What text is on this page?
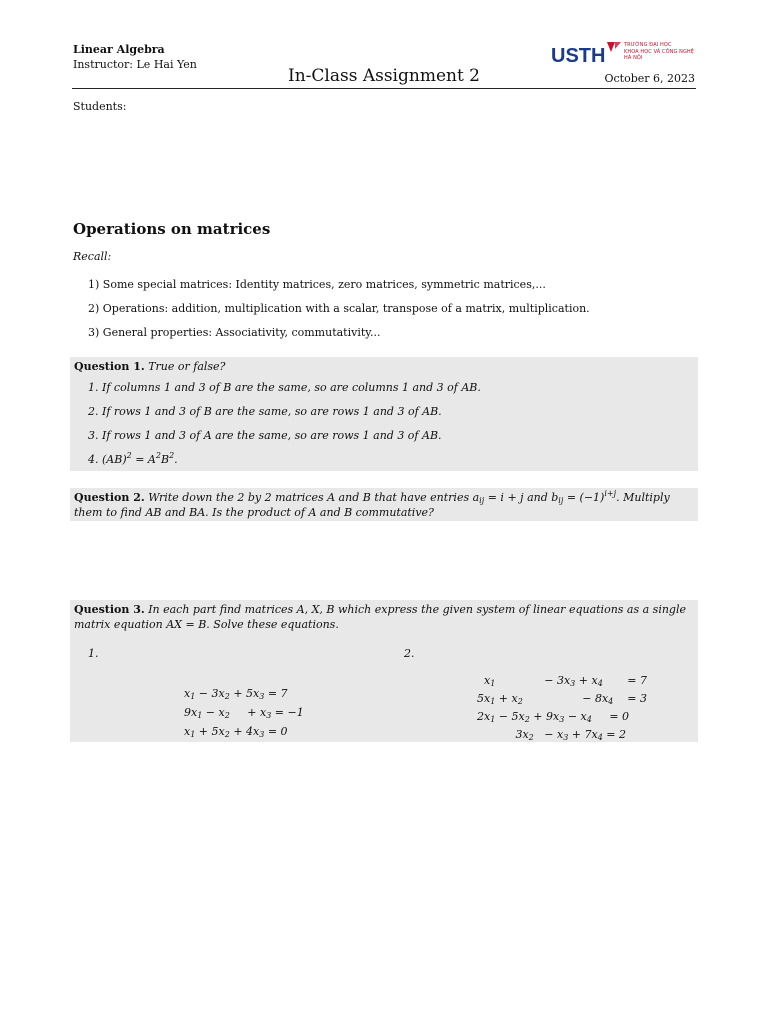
Linear Algebra
Instructor: Le Hai Yen
In-Class Assignment 2	October 6, 2023
USTH	TRƯỜNG ĐẠI HỌC
KHOA HỌC VÀ CÔNG NGHỆ
HÀ NỘI
Students:
Operations on matrices
Recall:
1) Some special matrices: Identity matrices, zero matrices, symmetric matrices,...
2) Operations: addition, multiplication with a scalar, transpose of a matrix, multiplication.
3) General properties: Associativity, commutativity...
Question 1. True or false?
1. If columns 1 and 3 of B are the same, so are columns 1 and 3 of AB.
2. If rows 1 and 3 of B are the same, so are rows 1 and 3 of AB.
3. If rows 1 and 3 of A are the same, so are rows 1 and 3 of AB.
4. $(AB)^2 = A^2B^2$.
Question 2. Write down the 2 by 2 matrices A and B that have entries $a_{ij} = i + j$ and $b_{ij} = (-1)^{i+j}$. Multiply them to find AB and BA. Is the product of A and B commutative?
Question 3. In each part find matrices A, X, B which express the given system of linear equations as a single matrix equation AX = B. Solve these equations.
1.	2.
$x_1 - 3x_2 + 5x_3 = 7$
$9x_1 - x_2$     + $x_3 = -1$
$x_1 + 5x_2 + 4x_3 = 0$
$x_1$              − $3x_3 + x_4$       = 7
$5x_1 + x_2$                 − $8x_4$    = 3
$2x_1 - 5x_2 + 9x_3 - x_4$     = 0
$3x_2 - x_3 + 7x_4 = 2$
